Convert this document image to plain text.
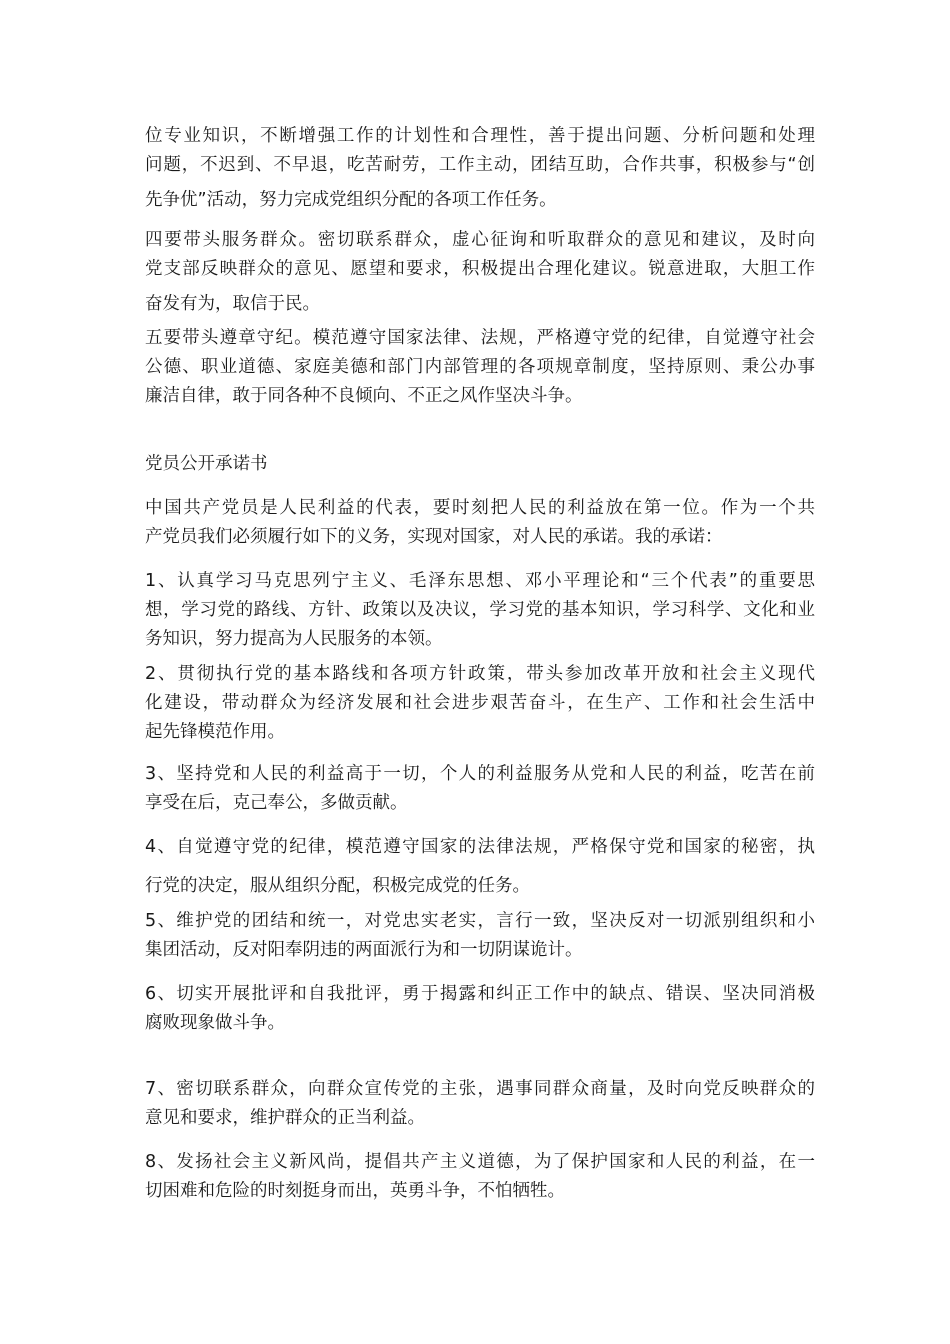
位专业知识，不断增强工作的计划性和合理性，善于提出问题、分析问题和处理
问题，不迟到、不早退，吃苦耐劳，工作主动，团结互助，合作共事，积极参与“创

先争优”活动，努力完成党组织分配的各项工作任务。

四要带头服务群众。密切联系群众，虚心征询和听取群众的意见和建议，及时向
党支部反映群众的意见、愿望和要求，积极提出合理化建议。锐意进取，大胆工作

奋发有为，取信于民。

五要带头遵章守纪。模范遵守国家法律、法规，严格遵守党的纪律，自觉遵守社会
公德、职业道德、家庭美德和部门内部管理的各项规章制度，坚持原则、秉公办事
廉洁自律，敢于同各种不良倾向、不正之风作坚决斗争。

党员公开承诺书

中国共产党员是人民利益的代表，要时刻把人民的利益放在第一位。作为一个共
产党员我们必须履行如下的义务，实现对国家，对人民的承诺。我的承诺：

1、认真学习马克思列宁主义、毛泽东思想、邓小平理论和“三个代表”的重要思
想，学习党的路线、方针、政策以及决议，学习党的基本知识，学习科学、文化和业
务知识，努力提高为人民服务的本领。

2、贯彻执行党的基本路线和各项方针政策，带头参加改革开放和社会主义现代
化建设，带动群众为经济发展和社会进步艰苦奋斗，在生产、工作和社会生活中
起先锋模范作用。

3、坚持党和人民的利益高于一切，个人的利益服务从党和人民的利益，吃苦在前
享受在后，克己奉公，多做贡献。

4、自觉遵守党的纪律，模范遵守国家的法律法规，严格保守党和国家的秘密，执

行党的决定，服从组织分配，积极完成党的任务。

5、维护党的团结和统一，对党忠实老实，言行一致，坚决反对一切派别组织和小
集团活动，反对阳奉阴违的两面派行为和一切阴谋诡计。

6、切实开展批评和自我批评，勇于揭露和纠正工作中的缺点、错误、坚决同消极
腐败现象做斗争。

7、密切联系群众，向群众宣传党的主张，遇事同群众商量，及时向党反映群众的
意见和要求，维护群众的正当利益。

8、发扬社会主义新风尚，提倡共产主义道德，为了保护国家和人民的利益，在一
切困难和危险的时刻挺身而出，英勇斗争，不怕牺牲。
